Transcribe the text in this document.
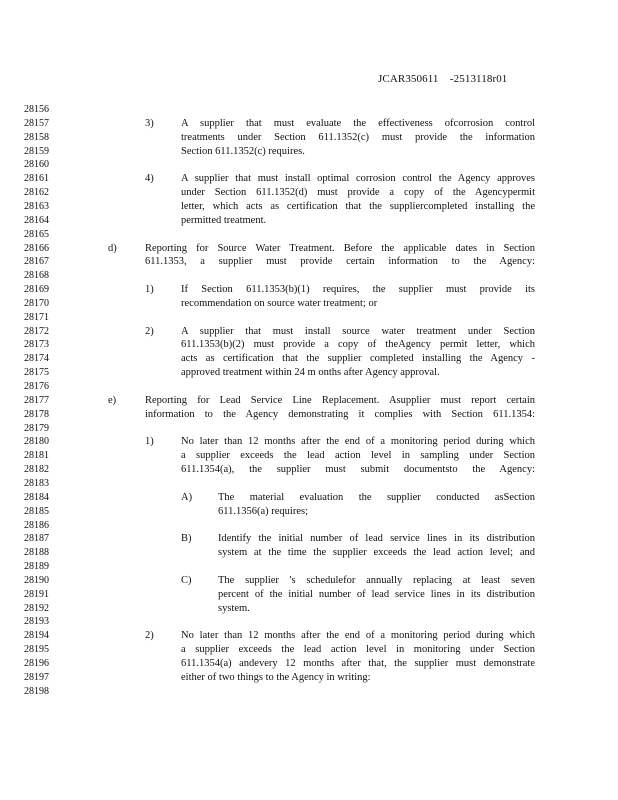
JCAR350611    -2513118r01
28156
28157	3)	A supplier that must evaluate the effectiveness ofcorrosion control
28158	treatments under Section 611.1352(c) must provide the information
28159	Section 611.1352(c) requires.
28160
28161	4)	A supplier that must install optimal corrosion control the Agency approves
28162	under Section 611.1352(d) must provide a copy of the Agencypermit
28163	letter, which acts as certification that the suppliercompleted installing the
28164	permitted treatment.
28165
28166	d)	Reporting for Source Water Treatment. Before the applicable dates in Section
28167	611.1353, a supplier must provide certain information to the Agency:
28168
28169	1)	If Section 611.1353(b)(1) requires, the supplier must provide its
28170	recommendation on source water treatment; or
28171
28172	2)	A supplier that must install source water treatment under Section
28173	611.1353(b)(2) must provide a copy of theAgency permit letter, which
28174	acts as certification that the supplier completed installing the Agency -
28175	approved treatment within 24 m onths after Agency approval.
28176
28177	e)	Reporting for Lead Service Line Replacement. Asupplier must report certain
28178	information to the Agency demonstrating it complies with Section 611.1354:
28179
28180	1)	No later than 12 months after the end of a monitoring period during which
28181	a supplier exceeds the lead action level in sampling under Section
28182	611.1354(a), the supplier must submit documentsto the Agency:
28183
28184	A) The material evaluation the supplier conducted asSection
28185	611.1356(a) requires;
28186
28187	B)	Identify the initial number of lead service lines in its distribution
28188	system at the time the supplier exceeds the lead action level; and
28189
28190	C)	The supplier 's schedulefor annually replacing at least seven
28191	percent of the initial number of lead service lines in its distribution
28192	system.
28193
28194	2)	No later than 12 months after the end of a monitoring period during which
28195	a supplier exceeds the lead action level in monitoring under Section
28196	611.1354(a) andevery 12 months after that, the supplier must demonstrate
28197	either of two things to the Agency in writing:
28198
